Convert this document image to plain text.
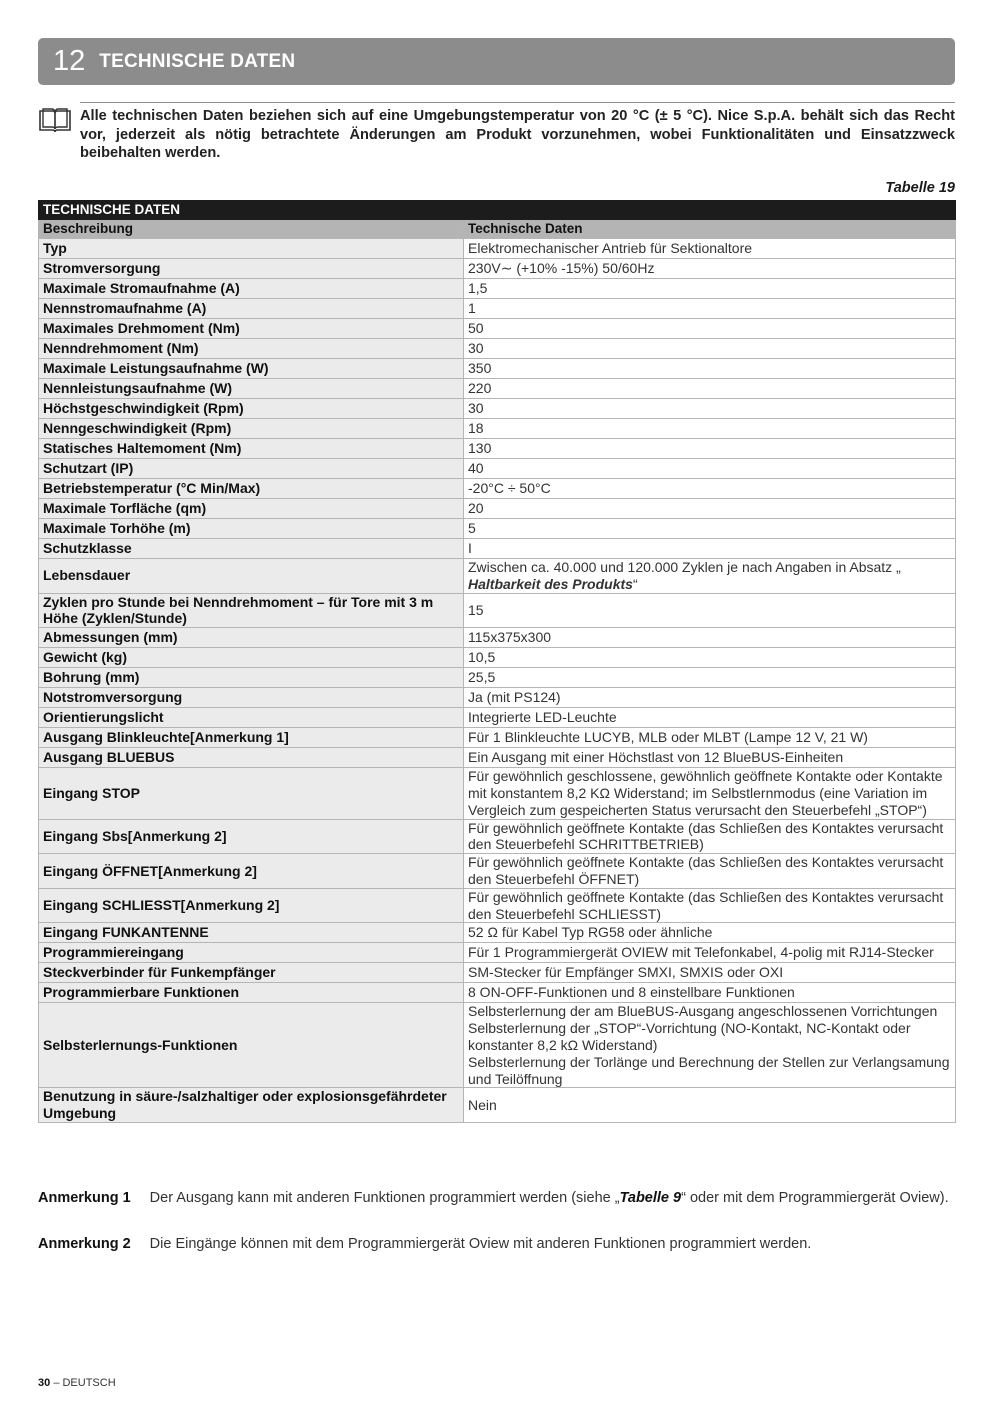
12 TECHNISCHE DATEN
Alle technischen Daten beziehen sich auf eine Umgebungstemperatur von 20 °C (± 5 °C). Nice S.p.A. behält sich das Recht vor, jederzeit als nötig betrachtete Änderungen am Produkt vorzunehmen, wobei Funktionalitäten und Einsatzzweck beibehalten werden.
Tabelle 19
TECHNISCHE DATEN	
Beschreibung	Technische Daten
Typ	Elektromechanischer Antrieb für Sektionaltore
Stromversorgung	230V∼ (+10% -15%) 50/60Hz
Maximale Stromaufnahme (A)	1,5
Nennstromaufnahme (A)	1
Maximales Drehmoment (Nm)	50
Nenndrehmoment (Nm)	30
Maximale Leistungsaufnahme (W)	350
Nennleistungsaufnahme (W)	220
Höchstgeschwindigkeit (Rpm)	30
Nenngeschwindigkeit (Rpm)	18
Statisches Haltemoment (Nm)	130
Schutzart (IP)	40
Betriebstemperatur (°C Min/Max)	-20°C ÷ 50°C
Maximale Torfläche (qm)	20
Maximale Torhöhe (m)	5
Schutzklasse	I
Lebensdauer	Zwischen ca. 40.000 und 120.000 Zyklen je nach Angaben in Absatz „
Haltbarkeit des Produkts“
Zyklen pro Stunde bei Nenndrehmoment – für Tore mit 3 m Höhe (Zyklen/Stunde)	15
Abmessungen (mm)	115x375x300
Gewicht (kg)	10,5
Bohrung (mm)	25,5
Notstromversorgung	Ja (mit PS124)
Orientierungslicht	Integrierte LED-Leuchte
Ausgang Blinkleuchte[Anmerkung 1]	Für 1 Blinkleuchte LUCYB, MLB oder MLBT (Lampe 12 V, 21 W)
Ausgang BLUEBUS	Ein Ausgang mit einer Höchstlast von 12 BlueBUS-Einheiten
Eingang STOP	Für gewöhnlich geschlossene, gewöhnlich geöffnete Kontakte oder Kontakte mit konstantem 8,2 KΩ Widerstand; im Selbstlernmodus (eine Variation im Vergleich zum gespeicherten Status verursacht den Steuerbefehl „STOP“)
Eingang Sbs[Anmerkung 2]	Für gewöhnlich geöffnete Kontakte (das Schließen des Kontaktes verursacht den Steuerbefehl SCHRITTBETRIEB)
Eingang ÖFFNET[Anmerkung 2]	Für gewöhnlich geöffnete Kontakte (das Schließen des Kontaktes verursacht den Steuerbefehl ÖFFNET)
Eingang SCHLIESST[Anmerkung 2]	Für gewöhnlich geöffnete Kontakte (das Schließen des Kontaktes verursacht den Steuerbefehl SCHLIESST)
Eingang FUNKANTENNE	52 Ω für Kabel Typ RG58 oder ähnliche
Programmiereingang	Für 1 Programmiergerät OVIEW mit Telefonkabel, 4-polig mit RJ14-Stecker
Steckverbinder für Funkempfänger	SM-Stecker für Empfänger SMXI, SMXIS oder OXI
Programmierbare Funktionen	8 ON-OFF-Funktionen und 8 einstellbare Funktionen
Selbsterlernungs-Funktionen	Selbsterlernung der am BlueBUS-Ausgang angeschlossenen Vorrichtungen
Selbsterlernung der „STOP“-Vorrichtung (NO-Kontakt, NC-Kontakt oder konstanter 8,2 kΩ Widerstand)
Selbsterlernung der Torlänge und Berechnung der Stellen zur Verlangsamung und Teilöffnung
Benutzung in säure-/salzhaltiger oder explosionsgefährdeter Umgebung	Nein
Anmerkung 1 Der Ausgang kann mit anderen Funktionen programmiert werden (siehe „Tabelle 9“ oder mit dem Programmiergerät Oview).
Anmerkung 2 Die Eingänge können mit dem Programmiergerät Oview mit anderen Funktionen programmiert werden.
30 – DEUTSCH
